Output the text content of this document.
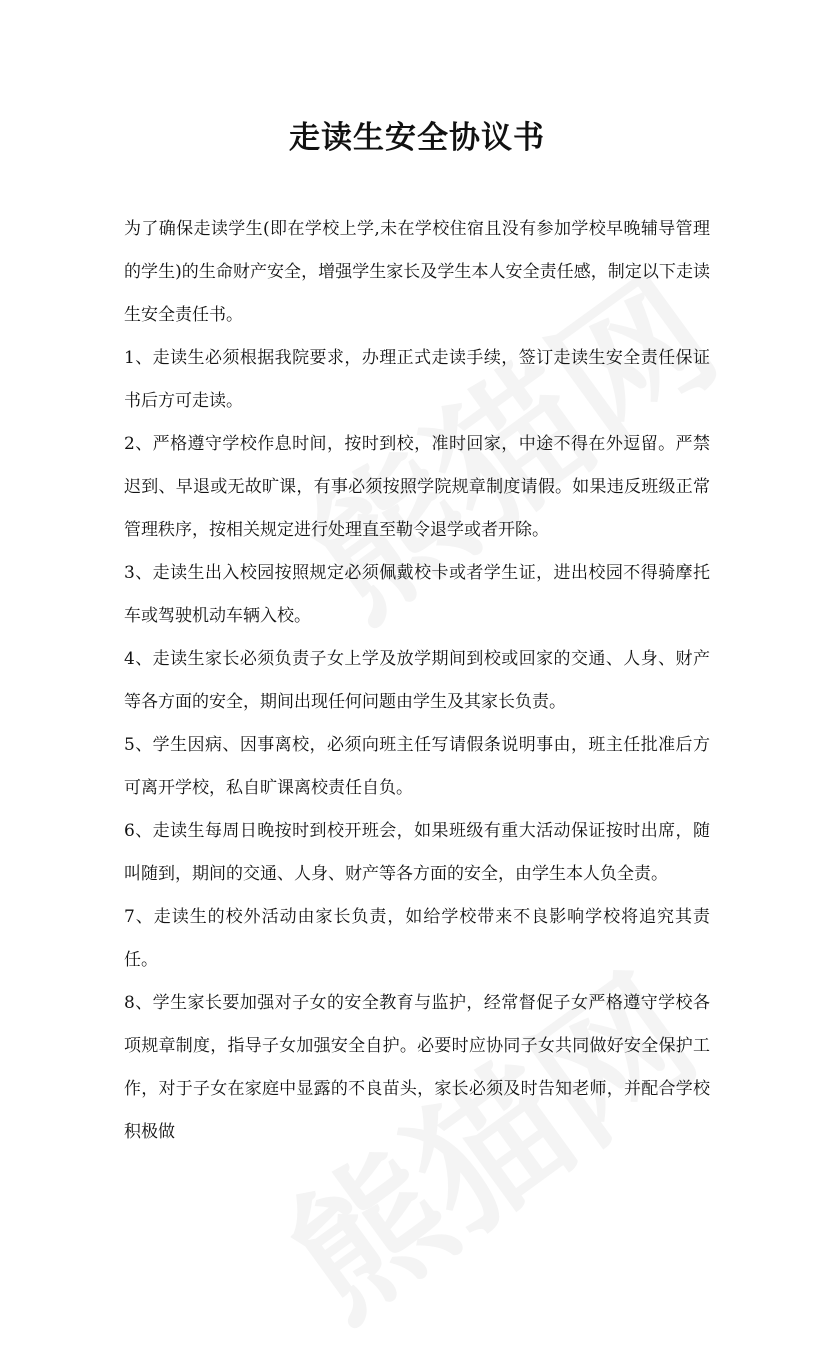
走读生安全协议书

为了确保走读学生(即在学校上学,未在学校住宿且没有参加学校早晚辅导管理的学生)的生命财产安全，增强学生家长及学生本人安全责任感，制定以下走读生安全责任书。

1、走读生必须根据我院要求，办理正式走读手续，签订走读生安全责任保证书后方可走读。

2、严格遵守学校作息时间，按时到校，准时回家，中途不得在外逗留。严禁迟到、早退或无故旷课，有事必须按照学院规章制度请假。如果违反班级正常管理秩序，按相关规定进行处理直至勒令退学或者开除。

3、走读生出入校园按照规定必须佩戴校卡或者学生证，进出校园不得骑摩托车或驾驶机动车辆入校。

4、走读生家长必须负责子女上学及放学期间到校或回家的交通、人身、财产等各方面的安全，期间出现任何问题由学生及其家长负责。

5、学生因病、因事离校，必须向班主任写请假条说明事由，班主任批准后方可离开学校，私自旷课离校责任自负。

6、走读生每周日晚按时到校开班会，如果班级有重大活动保证按时出席，随叫随到，期间的交通、人身、财产等各方面的安全，由学生本人负全责。

7、走读生的校外活动由家长负责，如给学校带来不良影响学校将追究其责任。

8、学生家长要加强对子女的安全教育与监护，经常督促子女严格遵守学校各项规章制度，指导子女加强安全自护。必要时应协同子女共同做好安全保护工作，对于子女在家庭中显露的不良苗头，家长必须及时告知老师，并配合学校积极做
